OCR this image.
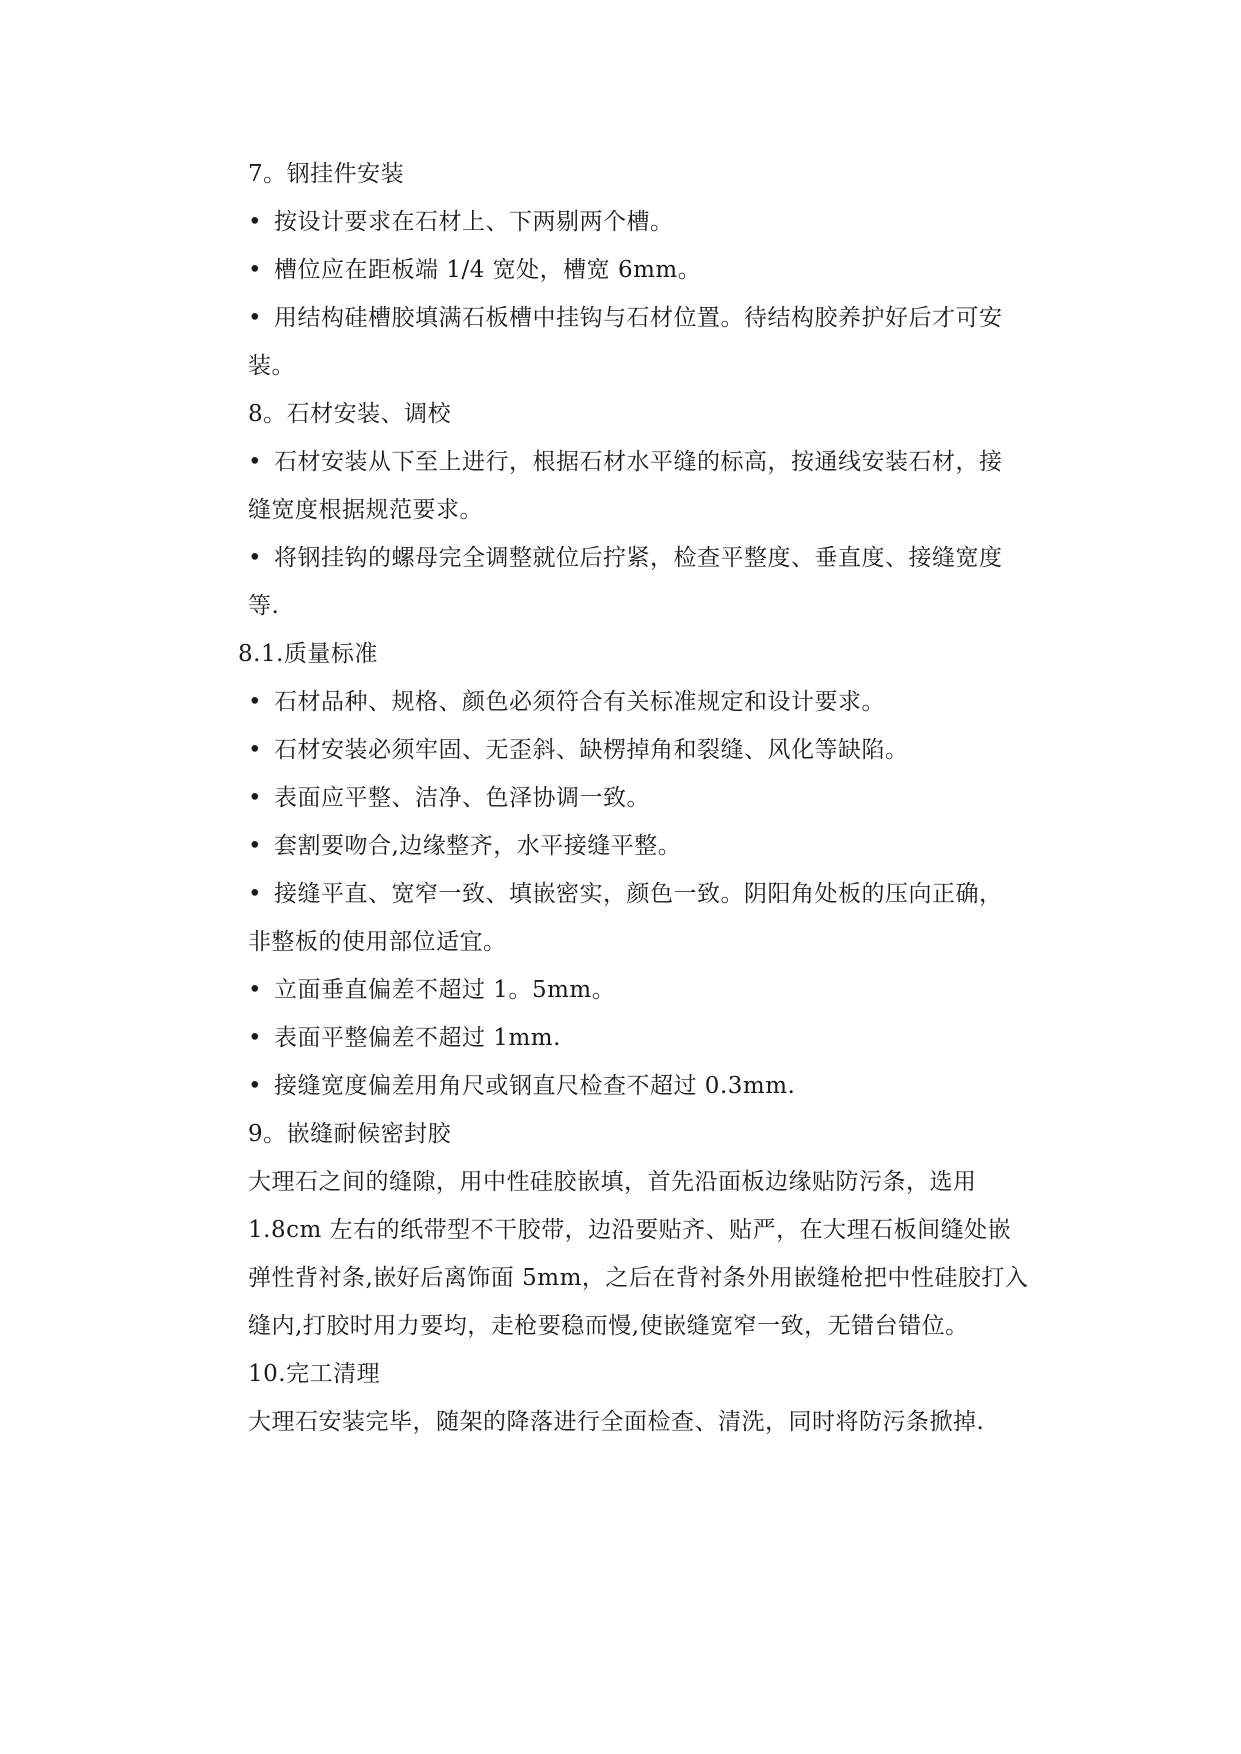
7。钢挂件安装
• 按设计要求在石材上、下两剔两个槽。
• 槽位应在距板端 1/4 宽处，槽宽 6mm。
• 用结构硅槽胶填满石板槽中挂钩与石材位置。待结构胶养护好后才可安
装。
8。石材安装、调校
• 石材安装从下至上进行，根据石材水平缝的标高，按通线安装石材，接
缝宽度根据规范要求。
• 将钢挂钩的螺母完全调整就位后拧紧，检查平整度、垂直度、接缝宽度
等.
8.1.质量标准
• 石材品种、规格、颜色必须符合有关标准规定和设计要求。
• 石材安装必须牢固、无歪斜、缺楞掉角和裂缝、风化等缺陷。
• 表面应平整、洁净、色泽协调一致。
• 套割要吻合,边缘整齐，水平接缝平整。
• 接缝平直、宽窄一致、填嵌密实，颜色一致。阴阳角处板的压向正确，
非整板的使用部位适宜。
• 立面垂直偏差不超过 1。5mm。
• 表面平整偏差不超过 1mm.
• 接缝宽度偏差用角尺或钢直尺检查不超过 0.3mm.
9。嵌缝耐候密封胶
大理石之间的缝隙，用中性硅胶嵌填，首先沿面板边缘贴防污条，选用
1.8cm 左右的纸带型不干胶带，边沿要贴齐、贴严，在大理石板间缝处嵌
弹性背衬条,嵌好后离饰面 5mm，之后在背衬条外用嵌缝枪把中性硅胶打入
缝内,打胶时用力要均，走枪要稳而慢,使嵌缝宽窄一致，无错台错位。
10.完工清理
大理石安装完毕，随架的降落进行全面检查、清洗，同时将防污条掀掉.
